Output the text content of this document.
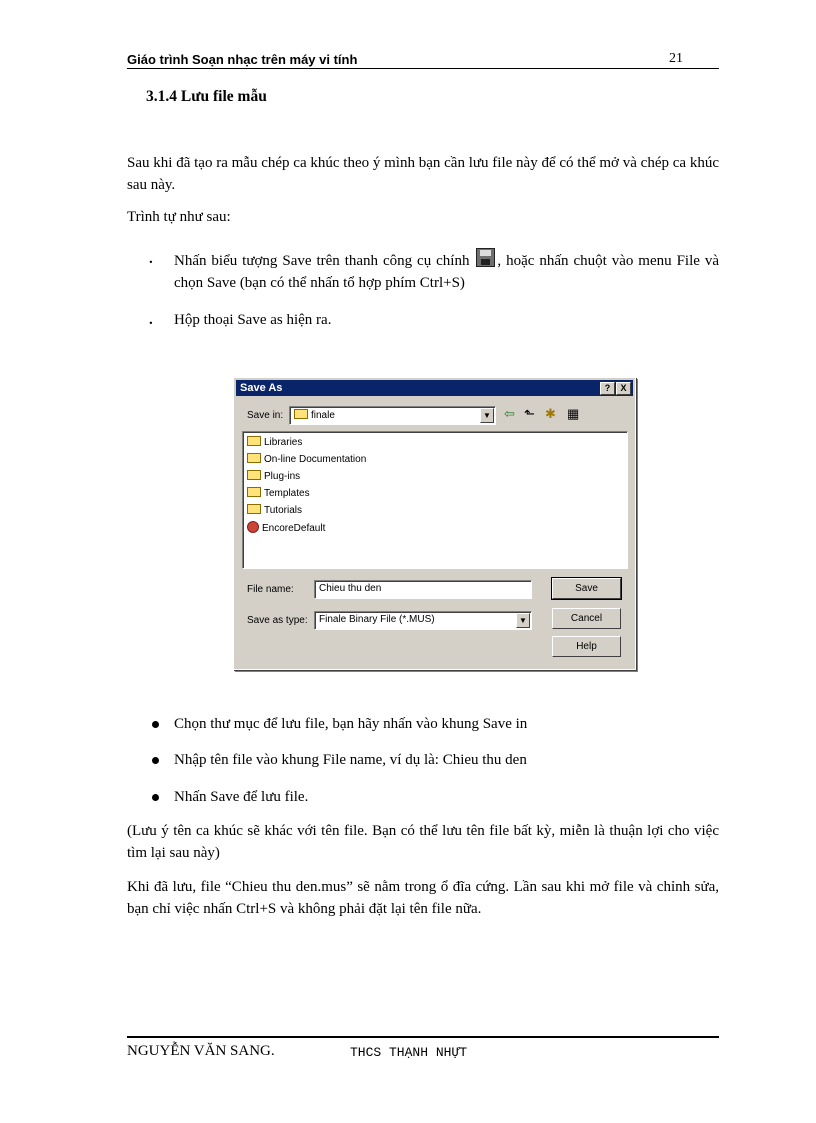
Giáo trình Soạn nhạc trên máy vi tính	21
3.1.4 Lưu file mẫu
Sau khi đã tạo ra mẫu chép ca khúc theo ý mình bạn cần lưu file này để có thể mở và chép ca khúc sau này.
Trình tự như sau:
. Nhấn biểu tượng Save trên thanh công cụ chính , hoặc nhấn chuột vào menu File và chọn Save (bạn có thể nhấn tổ hợp phím Ctrl+S)
. Hộp thoại Save as hiện ra.
Save As	?	X
Save in:	finale	▼ ⇦ ⬑ ✱ ▦
Libraries
On-line Documentation
Plug-ins
Templates
Tutorials
EncoreDefault
File name:	Chieu thu den
Save as type: Finale Binary File (*.MUS)	▼
Save
Cancel
Help
Chọn thư mục để lưu file, bạn hãy nhấn vào khung Save in
Nhập tên file vào khung File name, ví dụ là: Chieu thu den
Nhấn Save để lưu file.
(Lưu ý tên ca khúc sẽ khác với tên file. Bạn có thể lưu tên file bất kỳ, miễn là thuận lợi cho việc tìm lại sau này)
Khi đã lưu, file “Chieu thu den.mus” sẽ nằm trong ổ đĩa cứng. Lần sau khi mở file và chỉnh sửa, bạn chỉ việc nhấn Ctrl+S và không phải đặt lại tên file nữa.
NGUYỄN VĂN SANG.	THCS THẠNH NHỰT
